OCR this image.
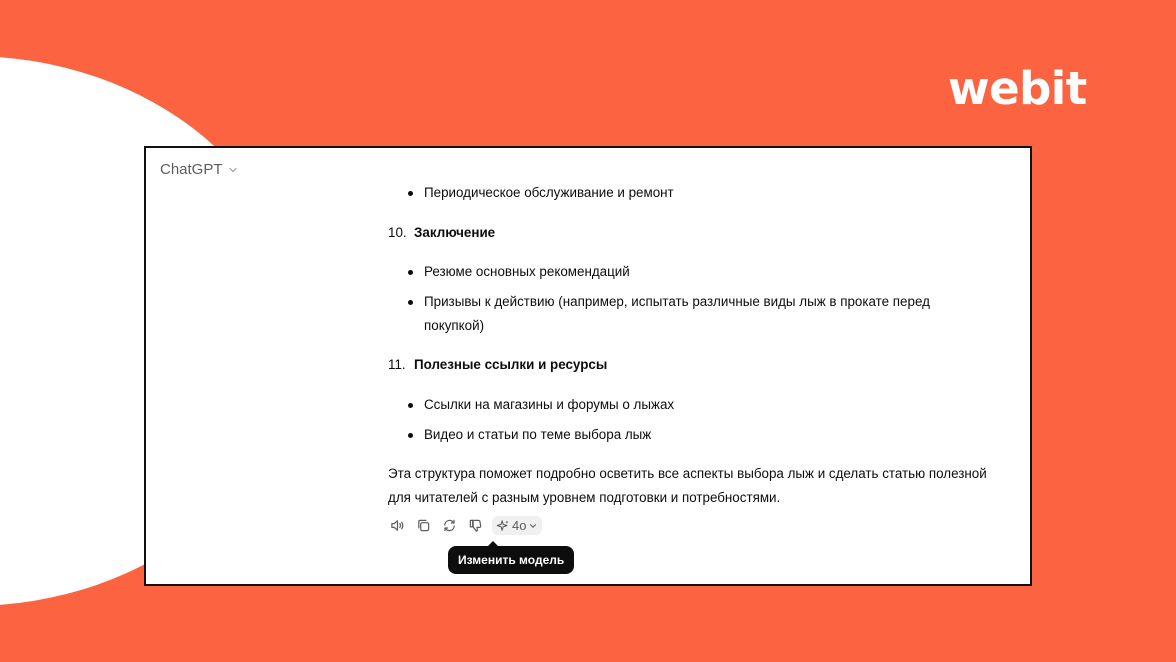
webit
ChatGPT
Периодическое обслуживание и ремонт
10. Заключение
Резюме основных рекомендаций
Призывы к действию (например, испытать различные виды лыж в прокате перед покупкой)
11. Полезные ссылки и ресурсы
Ссылки на магазины и форумы о лыжах
Видео и статьи по теме выбора лыж
Эта структура поможет подробно осветить все аспекты выбора лыж и сделать статью полезной для читателей с разным уровнем подготовки и потребностями.
4o
Изменить модель
